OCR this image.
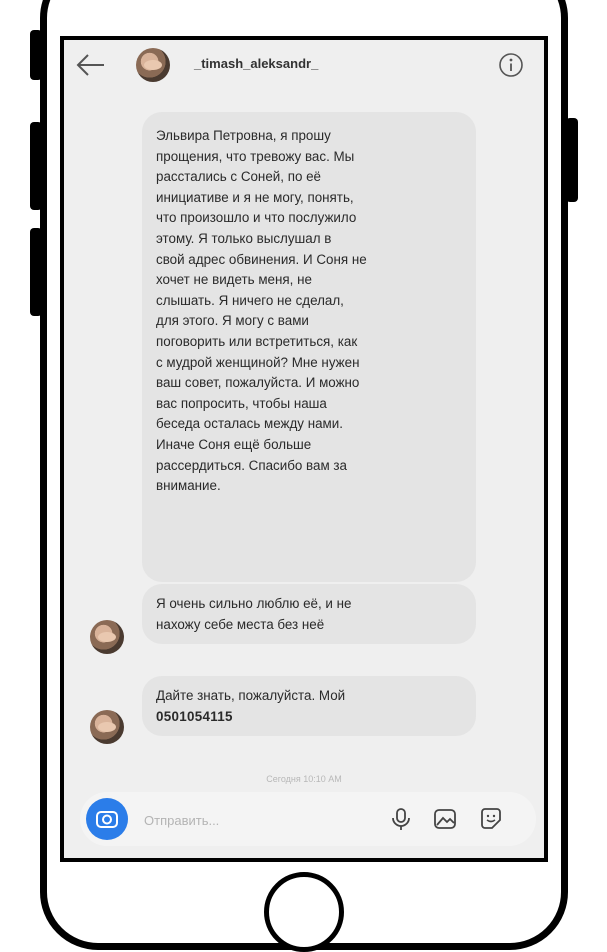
_timash_aleksandr_
Эльвира Петровна, я прошу
прощения, что тревожу вас. Мы
расстались с Соней, по её
инициативе и я не могу, понять,
что произошло и что послужило
этому. Я только выслушал в
свой адрес обвинения. И Соня не
хочет не видеть меня, не
слышать. Я ничего не сделал,
для этого. Я могу с вами
поговорить или встретиться, как
с мудрой женщиной? Мне нужен
ваш совет, пожалуйста. И можно
вас попросить, чтобы наша
беседа осталась между нами.
Иначе Соня ещё больше
рассердиться. Спасибо вам за
внимание.
Я очень сильно люблю её, и не
нахожу себе места без неё
Дайте знать, пожалуйста. Мой
0501054115
Сегодня 10:10 AM
Отправить...
